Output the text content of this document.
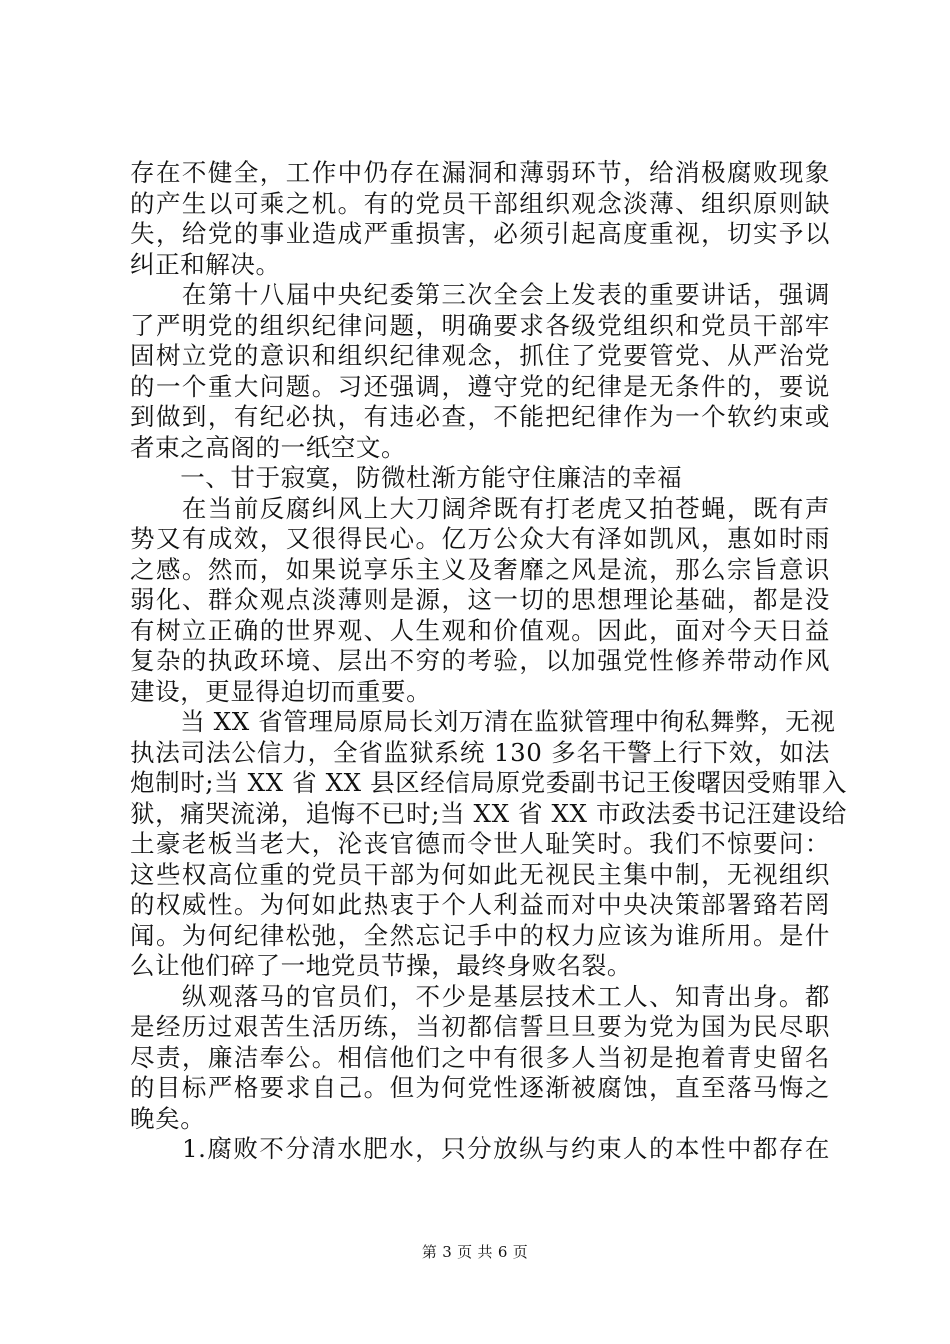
存在不健全，工作中仍存在漏洞和薄弱环节，给消极腐败现象
的产生以可乘之机。有的党员干部组织观念淡薄、组织原则缺
失，给党的事业造成严重损害，必须引起高度重视，切实予以
纠正和解决。
　　在第十八届中央纪委第三次全会上发表的重要讲话，强调
了严明党的组织纪律问题，明确要求各级党组织和党员干部牢
固树立党的意识和组织纪律观念，抓住了党要管党、从严治党
的一个重大问题。习还强调，遵守党的纪律是无条件的，要说
到做到，有纪必执，有违必查，不能把纪律作为一个软约束或
者束之高阁的一纸空文。
　　一、甘于寂寞，防微杜渐方能守住廉洁的幸福
　　在当前反腐纠风上大刀阔斧既有打老虎又拍苍蝇，既有声
势又有成效，又很得民心。亿万公众大有泽如凯风，惠如时雨
之感。然而，如果说享乐主义及奢靡之风是流，那么宗旨意识
弱化、群众观点淡薄则是源，这一切的思想理论基础，都是没
有树立正确的世界观、人生观和价值观。因此，面对今天日益
复杂的执政环境、层出不穷的考验，以加强党性修养带动作风
建设，更显得迫切而重要。
　　当 XX 省管理局原局长刘万清在监狱管理中徇私舞弊，无视
执法司法公信力，全省监狱系统 130 多名干警上行下效，如法
炮制时;当 XX 省 XX 县区经信局原党委副书记王俊曙因受贿罪入
狱，痛哭流涕，追悔不已时;当 XX 省 XX 市政法委书记汪建设给
土豪老板当老大，沦丧官德而令世人耻笑时。我们不惊要问：
这些权高位重的党员干部为何如此无视民主集中制，无视组织
的权威性。为何如此热衷于个人利益而对中央决策部署臵若罔
闻。为何纪律松弛，全然忘记手中的权力应该为谁所用。是什
么让他们碎了一地党员节操，最终身败名裂。
　　纵观落马的官员们，不少是基层技术工人、知青出身。都
是经历过艰苦生活历练，当初都信誓旦旦要为党为国为民尽职
尽责，廉洁奉公。相信他们之中有很多人当初是抱着青史留名
的目标严格要求自己。但为何党性逐渐被腐蚀，直至落马悔之
晚矣。
　　1.腐败不分清水肥水，只分放纵与约束人的本性中都存在
第 3 页 共 6 页
